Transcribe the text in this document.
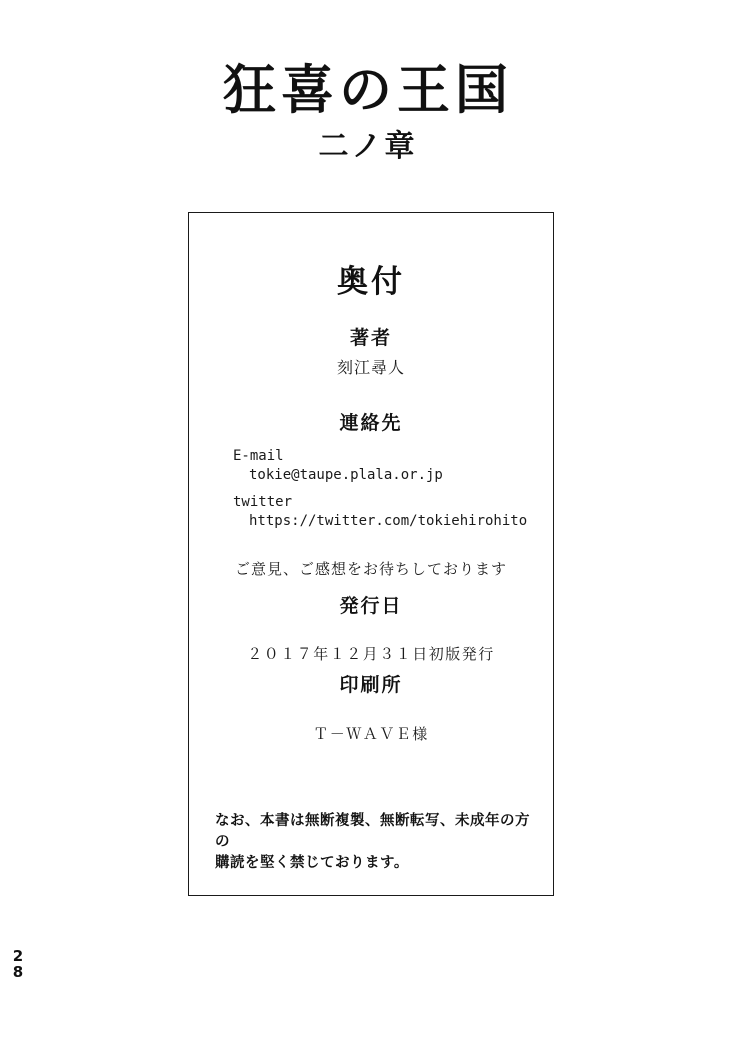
狂喜の王国
二ノ章

奥付

著者

刻江尋人

連絡先

E-mail

tokie@taupe.plala.or.jp

twitter

https://twitter.com/tokiehirohito

ご意見、ご感想をお待ちしております

発行日

２０１７年１２月３１日初版発行

印刷所

Ｔ－ＷＡＶＥ様

なお、本書は無断複製、無断転写、未成年の方の
購読を堅く禁じております。
2
8
